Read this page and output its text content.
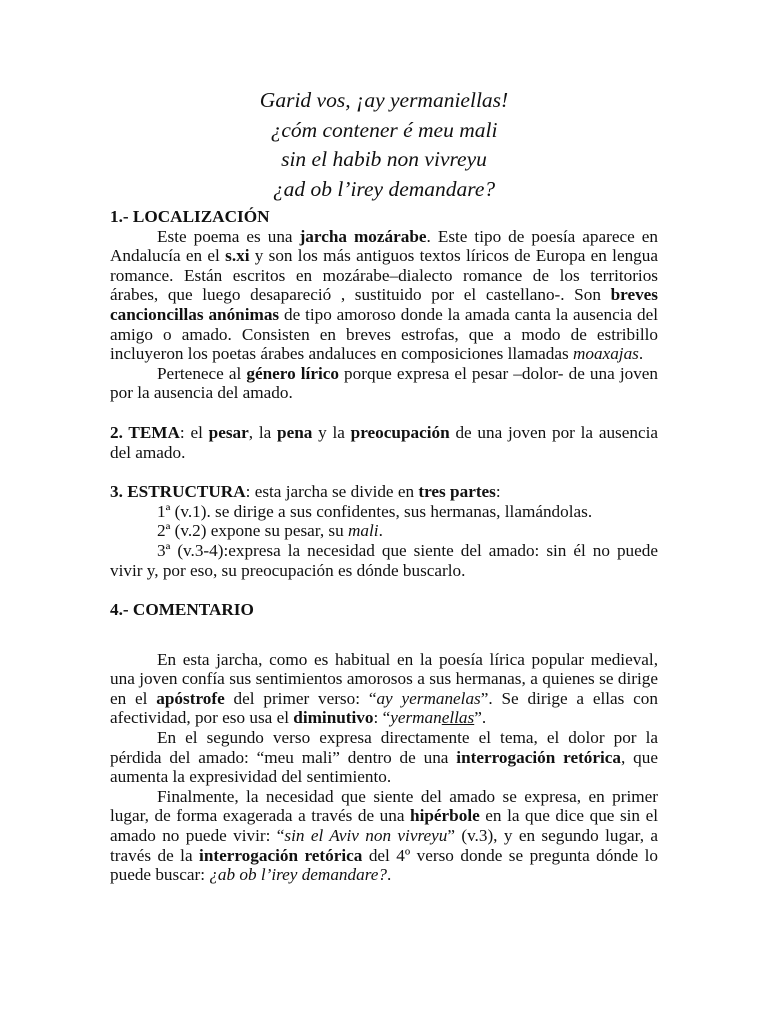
Garid vos, ¡ay yermaniellas!
¿cóm contener é meu mali
sin el habib non vivreyu
¿ad ob l’irey demandare?

1.- LOCALIZACIÓN

Este poema es una jarcha mozárabe. Este tipo de poesía aparece en Andalucía en el s.xi y son los más antiguos textos líricos de Europa en lengua romance. Están escritos en mozárabe–dialecto romance de los territorios árabes, que luego desapareció , sustituido por el castellano-. Son breves cancioncillas anónimas de tipo amoroso donde la amada canta la ausencia del amigo o amado. Consisten en breves estrofas, que a modo de estribillo incluyeron los poetas árabes andaluces en composiciones llamadas moaxajas.

Pertenece al género lírico porque expresa el pesar –dolor- de una joven por la ausencia del amado.

2. TEMA: el pesar, la pena y la preocupación de una joven por la ausencia del amado.

3. ESTRUCTURA: esta jarcha se divide en tres partes:

1ª (v.1). se dirige a sus confidentes, sus hermanas, llamándolas.

2ª (v.2) expone su pesar, su mali.

3ª (v.3-4):expresa la necesidad que siente del amado: sin él no puede vivir y, por eso, su preocupación es dónde buscarlo.

4.- COMENTARIO

En esta jarcha, como es habitual en la poesía lírica popular medieval, una joven confía sus sentimientos amorosos a sus hermanas, a quienes se dirige en el apóstrofe del primer verso: “ay yermanelas”. Se dirige a ellas con afectividad, por eso usa el diminutivo: “yermanellas”.

En el segundo verso expresa directamente el tema, el dolor por la pérdida del amado: “meu mali” dentro de una interrogación retórica, que aumenta la expresividad del sentimiento.

Finalmente, la necesidad que siente del amado se expresa, en primer lugar, de forma exagerada a través de una hipérbole en la que dice que sin el amado no puede vivir: “sin el Aviv non vivreyu” (v.3), y en segundo lugar, a través de la interrogación retórica del 4º verso donde se pregunta dónde lo puede buscar: ¿ab ob l’irey demandare?.
